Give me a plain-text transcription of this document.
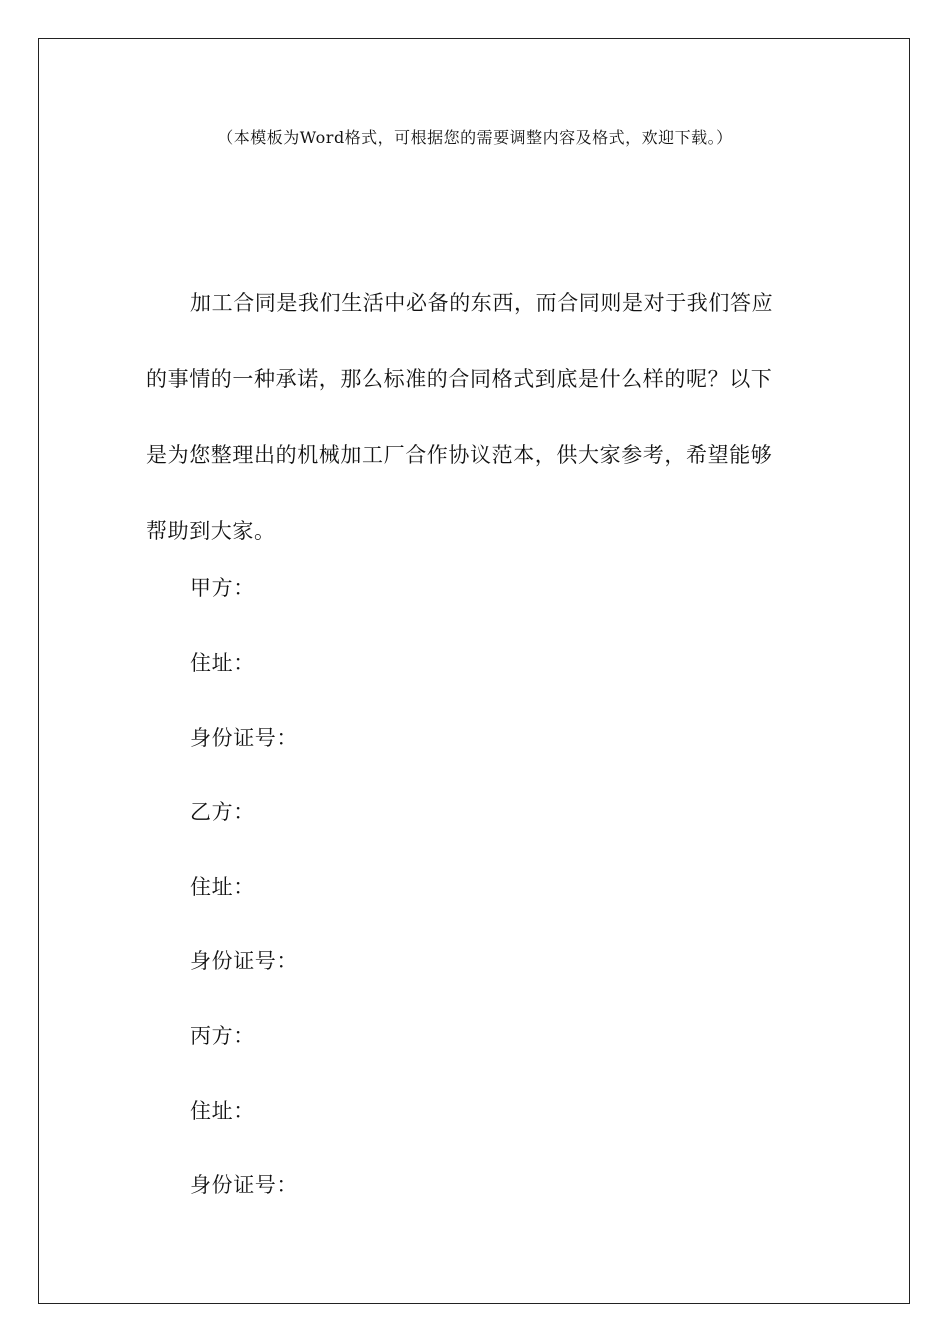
（本模板为Word格式，可根据您的需要调整内容及格式，欢迎下载。）
加工合同是我们生活中必备的东西，而合同则是对于我们答应
的事情的一种承诺，那么标准的合同格式到底是什么样的呢？以下
是为您整理出的机械加工厂合作协议范本，供大家参考，希望能够
帮助到大家。
甲方：
住址：
身份证号：
乙方：
住址：
身份证号：
丙方：
住址：
身份证号：
